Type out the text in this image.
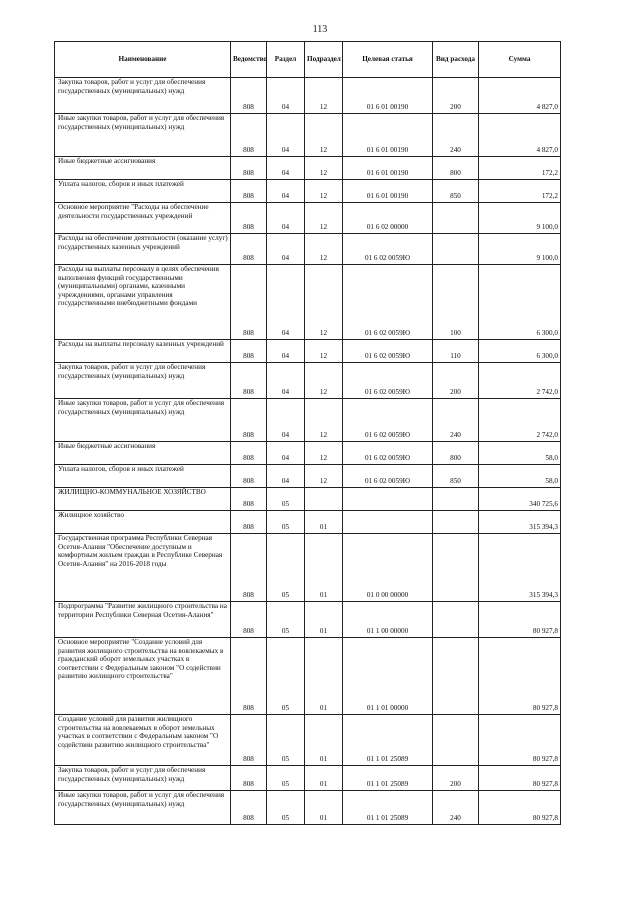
113
Наименование	Ведомство	Раздел	Подраздел	Целевая статья	Вид расхода	Сумма
Закупка товаров, работ и услуг для обеспечения государственных (муниципальных) нужд	808	04	12	01 6 01 00190	200	4 827,0
Иные закупки товаров, работ и услуг для обеспечения государственных (муниципальных) нужд	808	04	12	01 6 01 00190	240	4 827,0
Иные бюджетные ассигнования	808	04	12	01 6 01 00190	800	172,2
Уплата налогов, сборов и иных платежей	808	04	12	01 6 01 00190	850	172,2
Основное мероприятие "Расходы на обеспечение деятельности государственных учреждений	808	04	12	01 6 02 00000		9 100,0
Расходы на обеспечение деятельности (оказание услуг) государственных казенных учреждений	808	04	12	01 6 02 0059Ю		9 100,0
Расходы на выплаты персоналу в целях обеспечения выполнения функций государственными (муниципальными) органами, казенными учреждениями, органами управления государственными внебюджетными фондами	808	04	12	01 6 02 0059Ю	100	6 300,0
Расходы на выплаты персоналу казенных учреждений	808	04	12	01 6 02 0059Ю	110	6 300,0
Закупка товаров, работ и услуг для обеспечения государственных (муниципальных) нужд	808	04	12	01 6 02 0059Ю	200	2 742,0
Иные закупки товаров, работ и услуг для обеспечения государственных (муниципальных) нужд	808	04	12	01 6 02 0059Ю	240	2 742,0
Иные бюджетные ассигнования	808	04	12	01 6 02 0059Ю	800	58,0
Уплата налогов, сборов и иных платежей	808	04	12	01 6 02 0059Ю	850	58,0
ЖИЛИЩНО-КОММУНАЛЬНОЕ ХОЗЯЙСТВО	808	05				340 725,6
Жилищное хозяйство	808	05	01			315 394,3
Государственная программа Республики Северная Осетия-Алания "Обеспечение доступным и комфортным жильем граждан в Республике Северная Осетия-Алания" на 2016-2018 годы	808	05	01	01 0 00 00000		315 394,3
Подпрограмма "Развитие жилищного строительства на территории Республики Северная Осетия-Алания"	808	05	01	01 1 00 00000		80 927,8
Основное мероприятие "Создание условий для развития жилищного строительства на вовлекаемых в гражданский оборот земельных участках в соответствии с Федеральным законом "О содействии развитию жилищного строительства"	808	05	01	01 1 01 00000		80 927,8
Создание условий для развития жилищного строительства на вовлекаемых в оборот земельных участках в соответствии с Федеральным законом "О содействии развитию жилищного строительства"	808	05	01	01 1 01 25089		80 927,8
Закупка товаров, работ и услуг для обеспечения государственных (муниципальных) нужд	808	05	01	01 1 01 25089	200	80 927,8
Иные закупки товаров, работ и услуг для обеспечения государственных (муниципальных) нужд	808	05	01	01 1 01 25089	240	80 927,8
